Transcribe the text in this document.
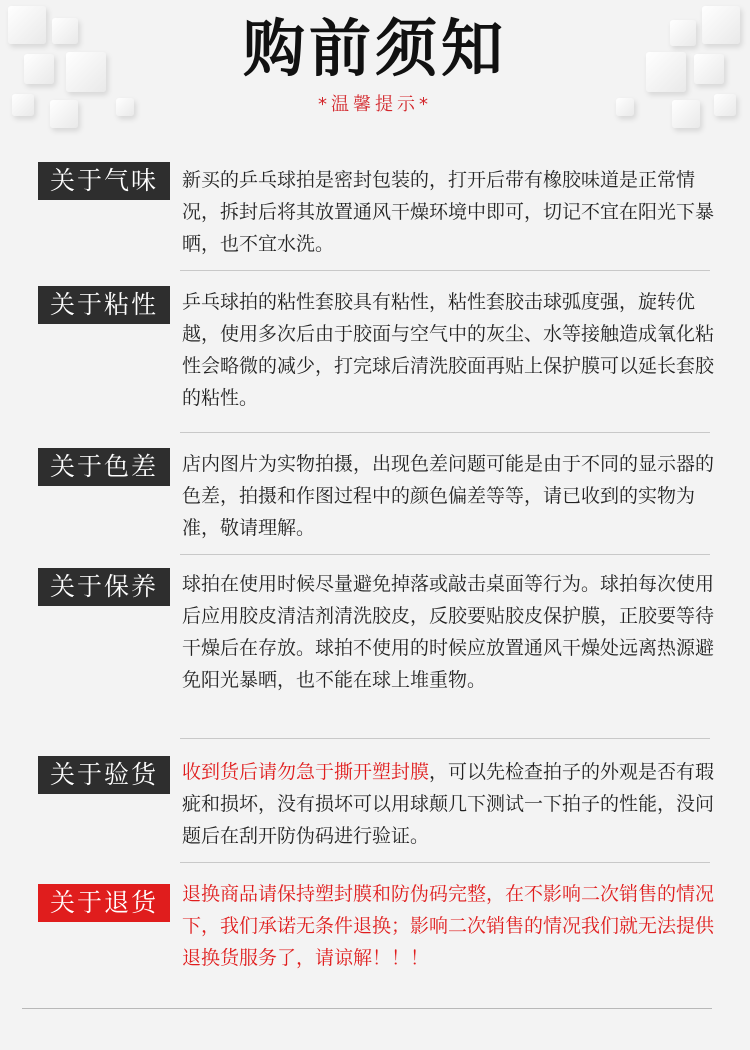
购前须知
*温馨提示*
关于气味	新买的乒乓球拍是密封包装的，打开后带有橡胶味道是正常情况，拆封后将其放置通风干燥环境中即可，切记不宜在阳光下暴晒，也不宜水洗。
关于粘性	乒乓球拍的粘性套胶具有粘性，粘性套胶击球弧度强，旋转优越，使用多次后由于胶面与空气中的灰尘、水等接触造成氧化粘性会略微的减少，打完球后清洗胶面再贴上保护膜可以延长套胶的粘性。
关于色差	店内图片为实物拍摄，出现色差问题可能是由于不同的显示器的色差，拍摄和作图过程中的颜色偏差等等，请已收到的实物为准，敬请理解。
关于保养	球拍在使用时候尽量避免掉落或敲击桌面等行为。球拍每次使用后应用胶皮清洁剂清洗胶皮，反胶要贴胶皮保护膜，正胶要等待干燥后在存放。球拍不使用的时候应放置通风干燥处远离热源避免阳光暴晒，也不能在球上堆重物。
关于验货	收到货后请勿急于撕开塑封膜，可以先检查拍子的外观是否有瑕疵和损坏，没有损坏可以用球颠几下测试一下拍子的性能，没问题后在刮开防伪码进行验证。
关于退货	退换商品请保持塑封膜和防伪码完整，在不影响二次销售的情况下，我们承诺无条件退换；影响二次销售的情况我们就无法提供退换货服务了，请谅解！！！
